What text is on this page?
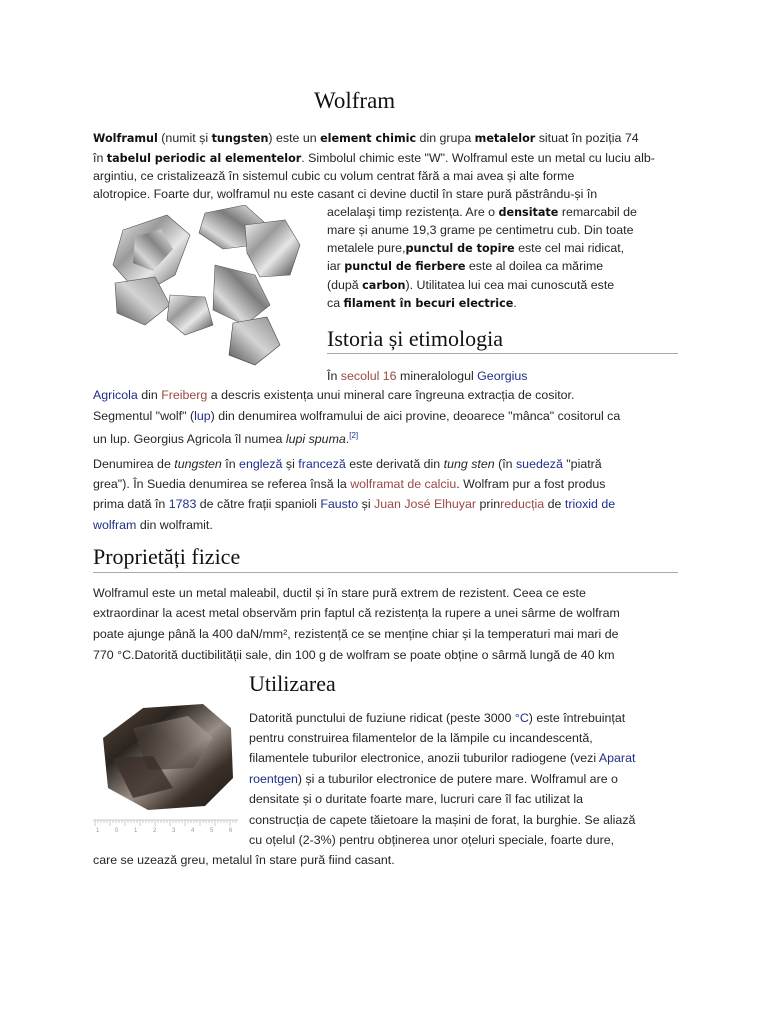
Wolfram
Wolframul (numit și tungsten) este un element chimic din grupa metalelor situat în poziția 74
în tabelul periodic al elementelor. Simbolul chimic este "W". Wolframul este un metal cu luciu alb-
argintiu, ce cristalizează în sistemul cubic cu volum centrat fără a mai avea și alte forme
alotropice. Foarte dur, wolframul nu este casant ci devine ductil în stare pură păstrându-și în
acelalaşi timp rezistența. Are o densitate remarcabil de
mare și anume 19,3 grame pe centimetru cub. Din toate
metalele pure,punctul de topire este cel mai ridicat,
iar punctul de fierbere este al doilea ca mărime
(după carbon). Utilitatea lui cea mai cunoscută este
ca filament în becuri electrice.
Istoria și etimologia
În secolul 16 mineralologul Georgius
Agricola din Freiberg a descris existența unui mineral care îngreuna extracția de cositor.
Segmentul "wolf" (lup) din denumirea wolframului de aici provine, deoarece "mânca" cositorul ca
un lup. Georgius Agricola îl numea lupi spuma.[2]
Denumirea de tungsten în engleză și franceză este derivată din tung sten (în suedeză "piatră
grea"). În Suedia denumirea se referea însă la wolframat de calciu. Wolfram pur a fost produs
prima dată în 1783 de către frații spanioli Fausto și Juan José Elhuyar prinreducția de trioxid de
wolfram din wolframit.
Proprietăți fizice
Wolframul este un metal maleabil, ductil și în stare pură extrem de rezistent. Ceea ce este
extraordinar la acest metal observăm prin faptul că rezistența la rupere a unei sârme de wolfram
poate ajunge până la 400 daN/mm², rezistență ce se menține chiar și la temperaturi mai mari de
770 °C.Datorită ductibilității sale, din 100 g de wolfram se poate obține o sârmă lungă de 40 km
Utilizarea
1	0	1	2	3	4	5	6
Datorită punctului de fuziune ridicat (peste 3000 °C) este întrebuințat
pentru construirea filamentelor de la lămpile cu incandescentă,
filamentele tuburilor electronice, anozii tuburilor radiogene (vezi Aparat
roentgen) și a tuburilor electronice de putere mare. Wolframul are o
densitate și o duritate foarte mare, lucruri care îl fac utilizat la
construcția de capete tăietoare la mașini de forat, la burghie. Se aliază
cu oțelul (2-3%) pentru obținerea unor oțeluri speciale, foarte dure,
care se uzează greu, metalul în stare pură fiind casant.
